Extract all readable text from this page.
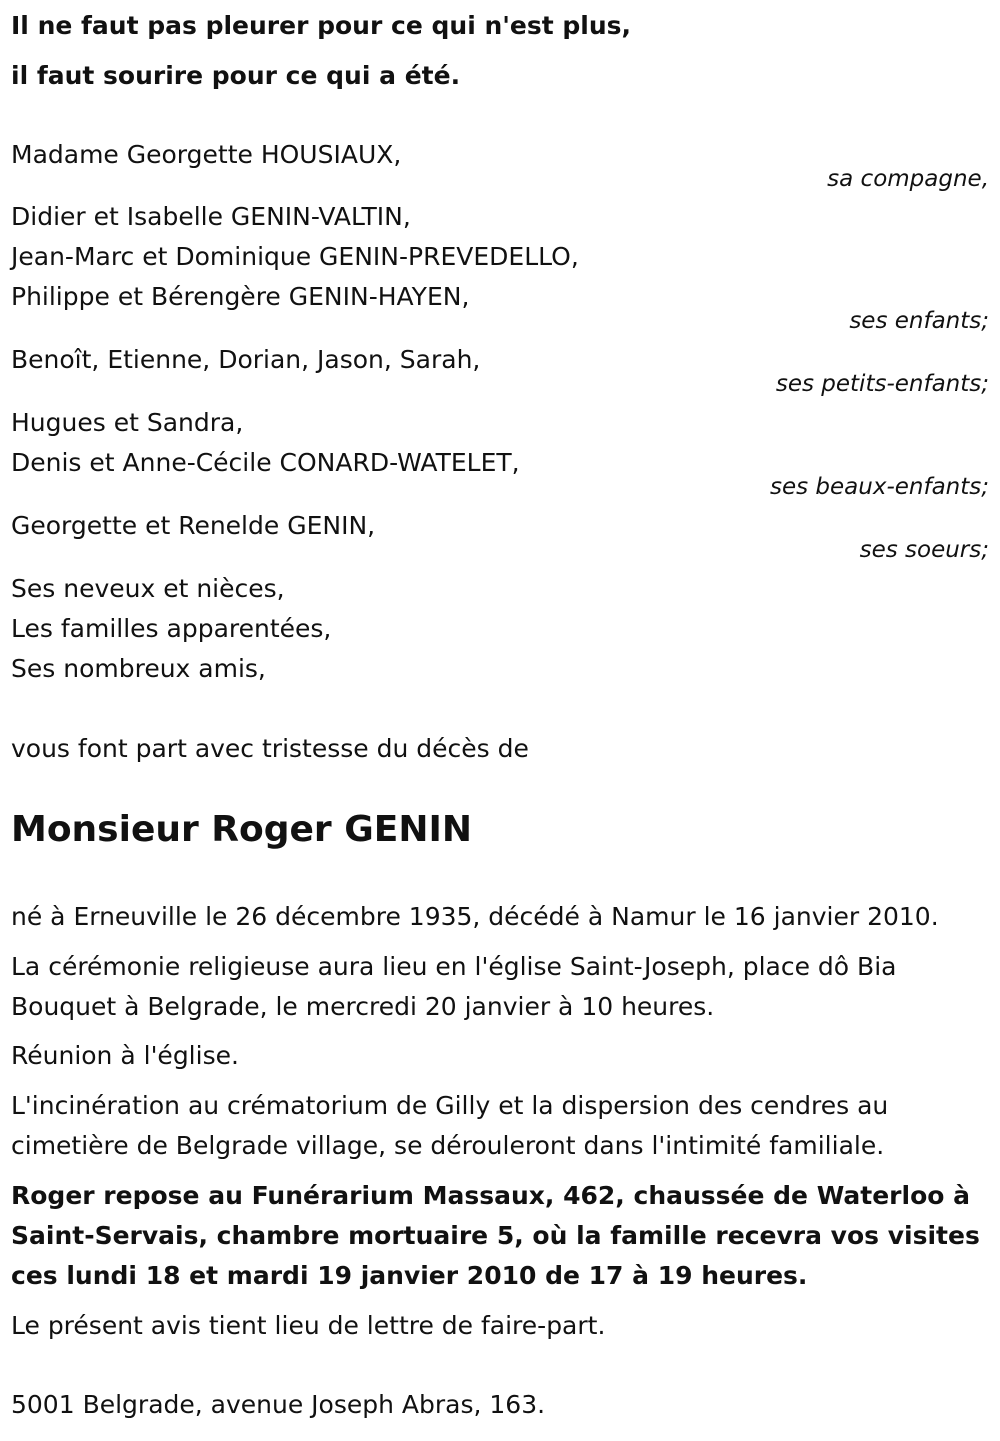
Il ne faut pas pleurer pour ce qui n'est plus,

il faut sourire pour ce qui a été.

Madame Georgette HOUSIAUX,

sa compagne,

Didier et Isabelle GENIN-VALTIN,

Jean-Marc et Dominique GENIN-PREVEDELLO,

Philippe et Bérengère GENIN-HAYEN,

ses enfants;

Benoît, Etienne, Dorian, Jason, Sarah,

ses petits-enfants;

Hugues et Sandra,

Denis et Anne-Cécile CONARD-WATELET,

ses beaux-enfants;

Georgette et Renelde GENIN,

ses soeurs;

Ses neveux et nièces,

Les familles apparentées,

Ses nombreux amis,

vous font part avec tristesse du décès de

Monsieur Roger GENIN

né à Erneuville le 26 décembre 1935, décédé à Namur le 16 janvier 2010.

La cérémonie religieuse aura lieu en l'église Saint-Joseph, place dô Bia

Bouquet à Belgrade, le mercredi 20 janvier à 10 heures.

Réunion à l'église.

L'incinération au crématorium de Gilly et la dispersion des cendres au

cimetière de Belgrade village, se dérouleront dans l'intimité familiale.

Roger repose au Funérarium Massaux, 462, chaussée de Waterloo à

Saint-Servais, chambre mortuaire 5, où la famille recevra vos visites

ces lundi 18 et mardi 19 janvier 2010 de 17 à 19 heures.

Le présent avis tient lieu de lettre de faire-part.

5001 Belgrade, avenue Joseph Abras, 163.
